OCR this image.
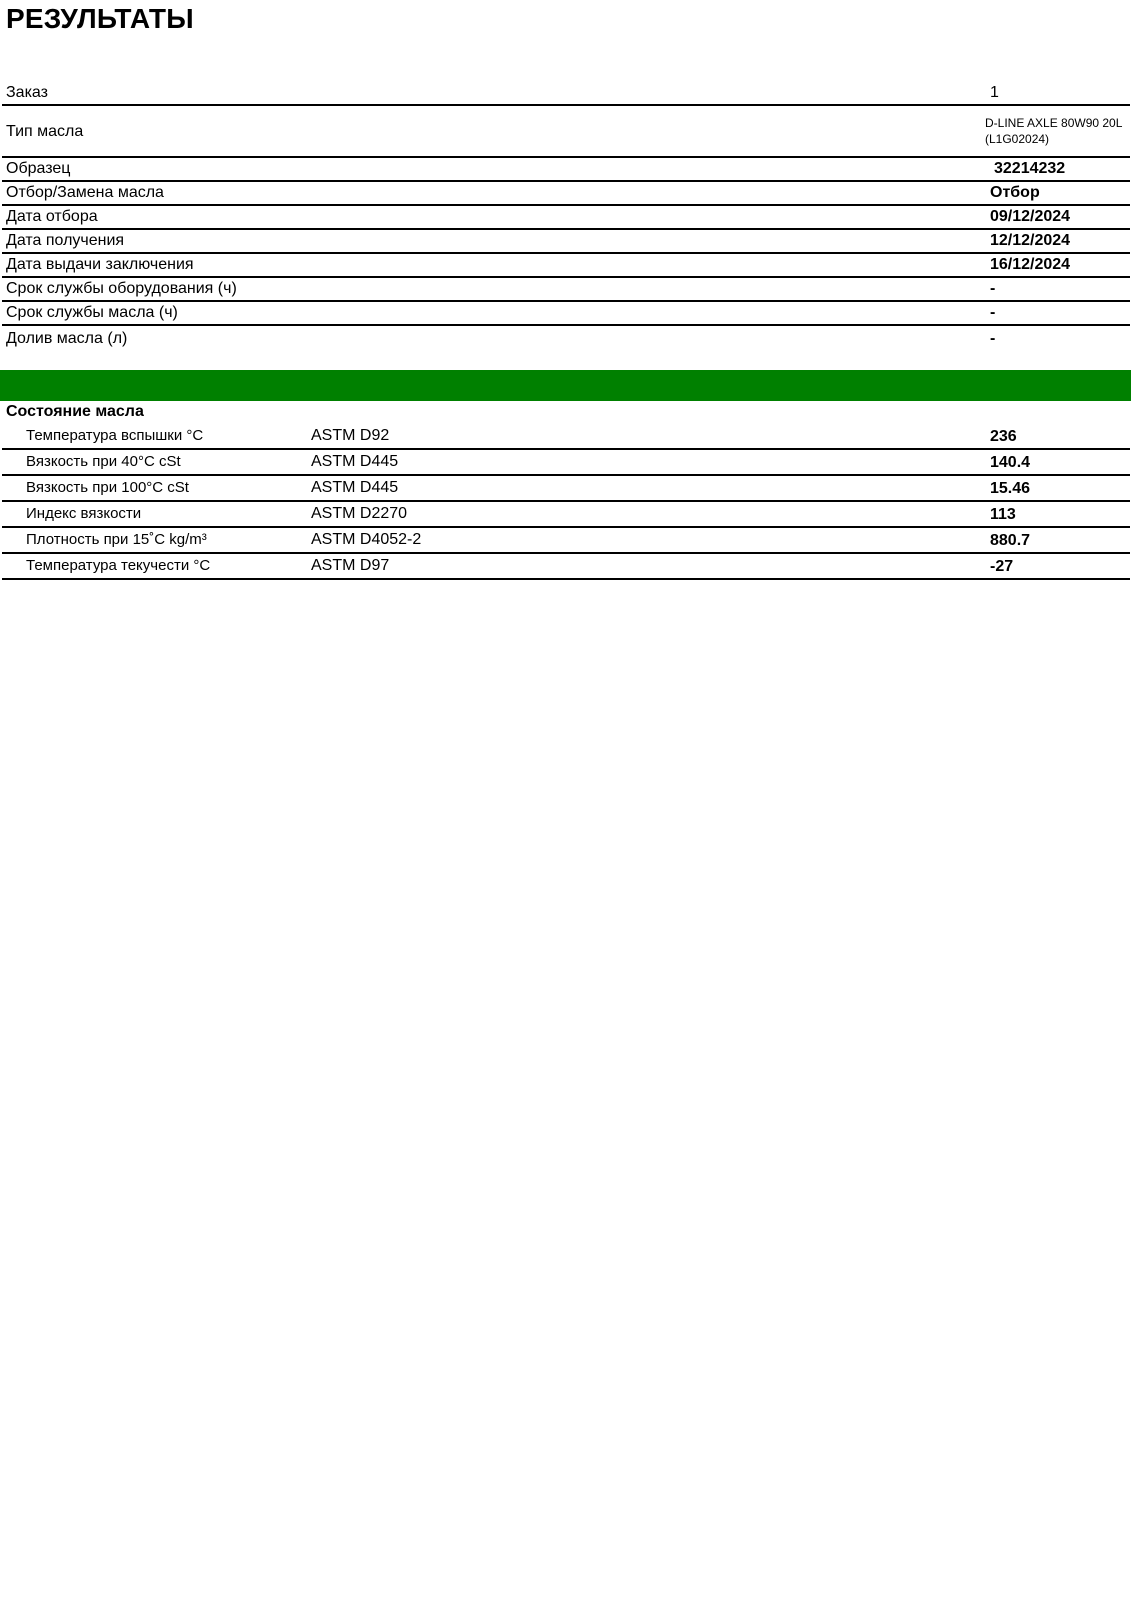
РЕЗУЛЬТАТЫ
Заказ	1
Тип масла	D-LINE AXLE 80W90 20L
(L1G02024)
Образец	32214232
Отбор/Замена масла	Отбор
Дата отбора	09/12/2024
Дата получения	12/12/2024
Дата выдачи заключения	16/12/2024
Срок службы оборудования (ч)	-
Срок службы масла (ч)	-
Долив масла (л)	-
Состояние масла
Температура вспышки °C	ASTM D92	236
Вязкость при 40°C cSt	ASTM D445	140.4
Вязкость при 100°C cSt	ASTM D445	15.46
Индекс вязкости	ASTM D2270	113
Плотность при 15˚C kg/m³	ASTM D4052-2	880.7
Температура текучести °C	ASTM D97	-27
